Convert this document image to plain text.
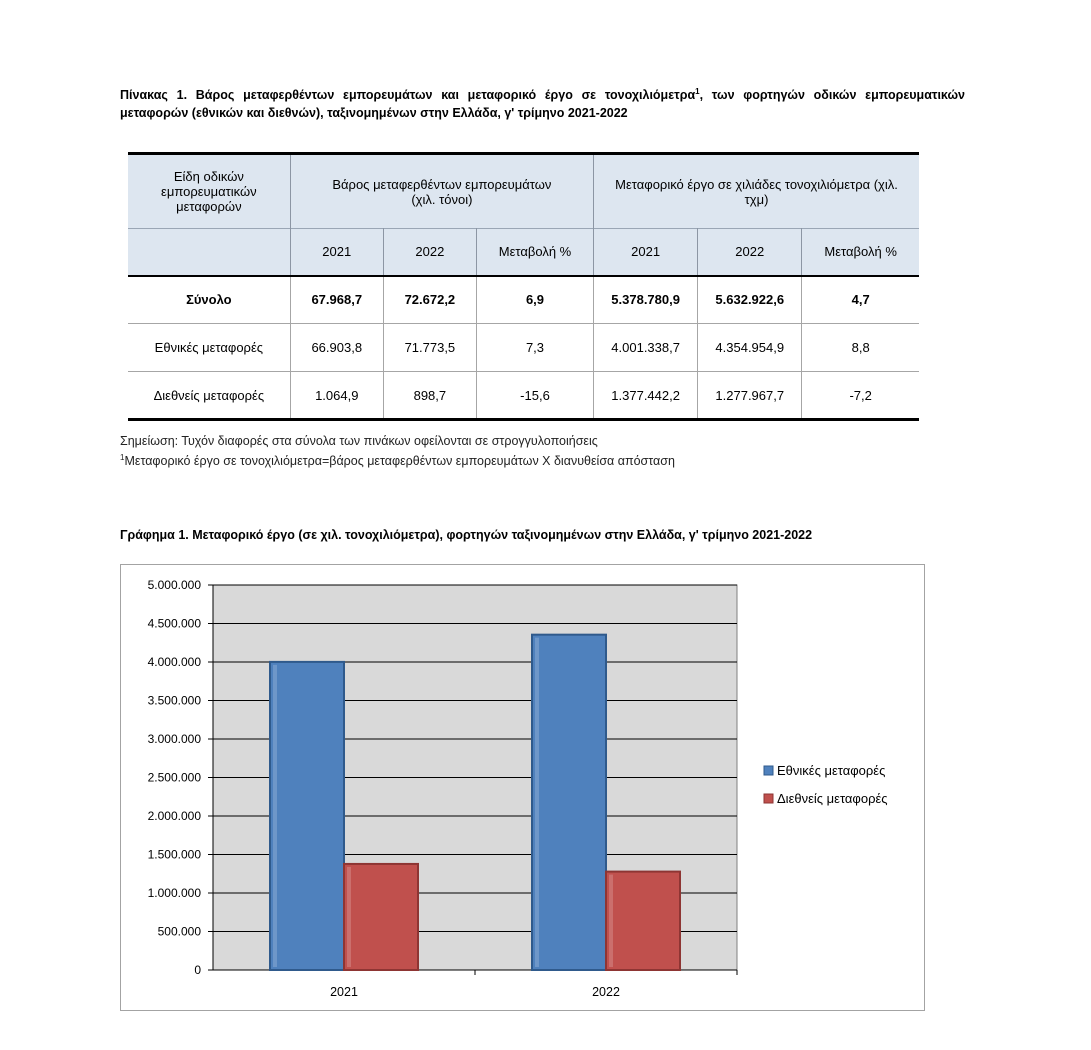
Πίνακας 1. Βάρος μεταφερθέντων εμπορευμάτων και μεταφορικό έργο σε τονοχιλιόμετρα$^1$, των φορτηγών οδικών εμπορευματικών μεταφορών (εθνικών και διεθνών), ταξινομημένων στην Ελλάδα, γ' τρίμηνο 2021-2022
Είδη οδικών εμπορευματικών μεταφορών	Βάρος μεταφερθέντων εμπορευμάτων (χιλ. τόνοι)			Μεταφορικό έργο σε χιλιάδες τονοχιλιόμετρα (χιλ. τχμ)		
	2021	2022	Μεταβολή %	2021	2022	Μεταβολή %
Σύνολο	67.968,7	72.672,2	6,9	5.378.780,9	5.632.922,6	4,7
Εθνικές μεταφορές	66.903,8	71.773,5	7,3	4.001.338,7	4.354.954,9	8,8
Διεθνείς μεταφορές	1.064,9	898,7	-15,6	1.377.442,2	1.277.967,7	-7,2
Σημείωση: Τυχόν διαφορές στα σύνολα των πινάκων οφείλονται σε στρογγυλοποιήσεις
$^1$Μεταφορικό έργο σε τονοχιλιόμετρα=βάρος μεταφερθέντων εμπορευμάτων Χ διανυθείσα απόσταση
Γράφημα 1. Μεταφορικό έργο (σε χιλ. τονοχιλιόμετρα), φορτηγών ταξινομημένων στην Ελλάδα, γ' τρίμηνο 2021-2022
0
500.000
1.000.000
1.500.000
2.000.000
2.500.000
3.000.000
3.500.000
4.000.000
4.500.000
5.000.000
2021	2022
Εθνικές μεταφορές
Διεθνείς μεταφορές
